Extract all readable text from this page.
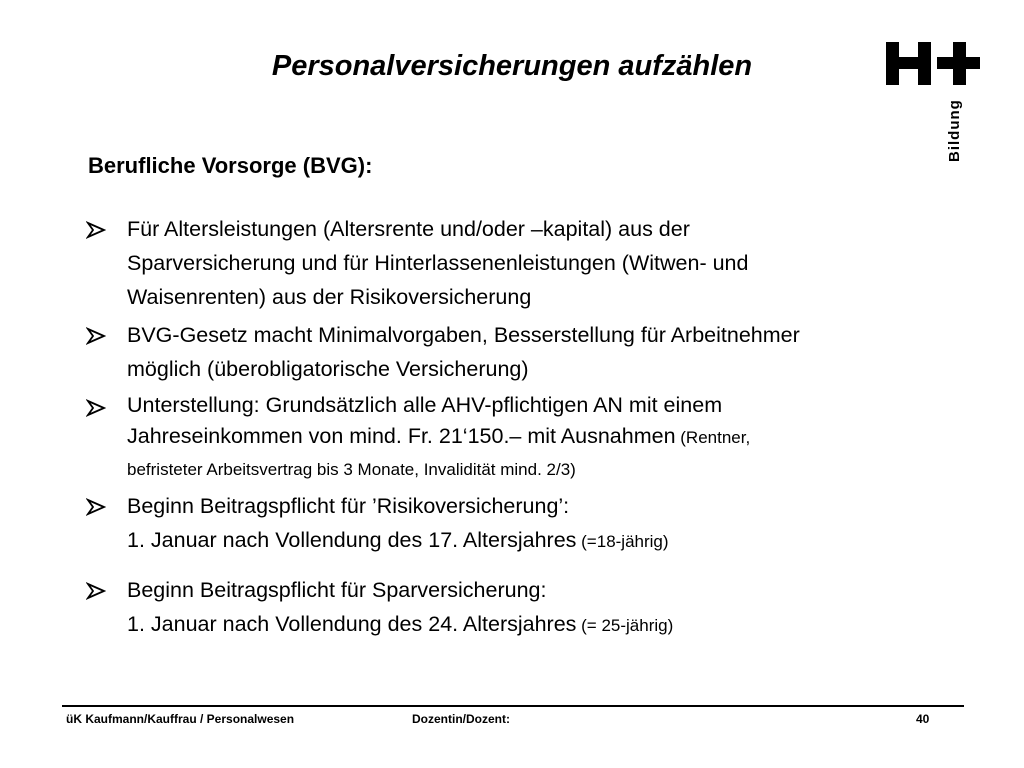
Personalversicherungen aufzählen
Bildung
Berufliche Vorsorge (BVG):
Für Altersleistungen (Altersrente und/oder –kapital) aus der
Sparversicherung und für Hinterlassenenleistungen (Witwen- und
Waisenrenten) aus der Risikoversicherung
BVG-Gesetz macht Minimalvorgaben, Besserstellung für Arbeitnehmer
möglich (überobligatorische Versicherung)
Unterstellung: Grundsätzlich alle AHV-pflichtigen AN mit einem
Jahreseinkommen von mind. Fr. 21‘150.– mit Ausnahmen (Rentner,
befristeter Arbeitsvertrag bis 3 Monate, Invalidität mind. 2/3)
Beginn Beitragspflicht für ’Risikoversicherung’:
1. Januar nach Vollendung des 17. Altersjahres (=18-jährig)
Beginn Beitragspflicht für Sparversicherung:
1. Januar nach Vollendung des 24. Altersjahres (= 25-jährig)
üK Kaufmann/Kauffrau / Personalwesen	Dozentin/Dozent:	40
